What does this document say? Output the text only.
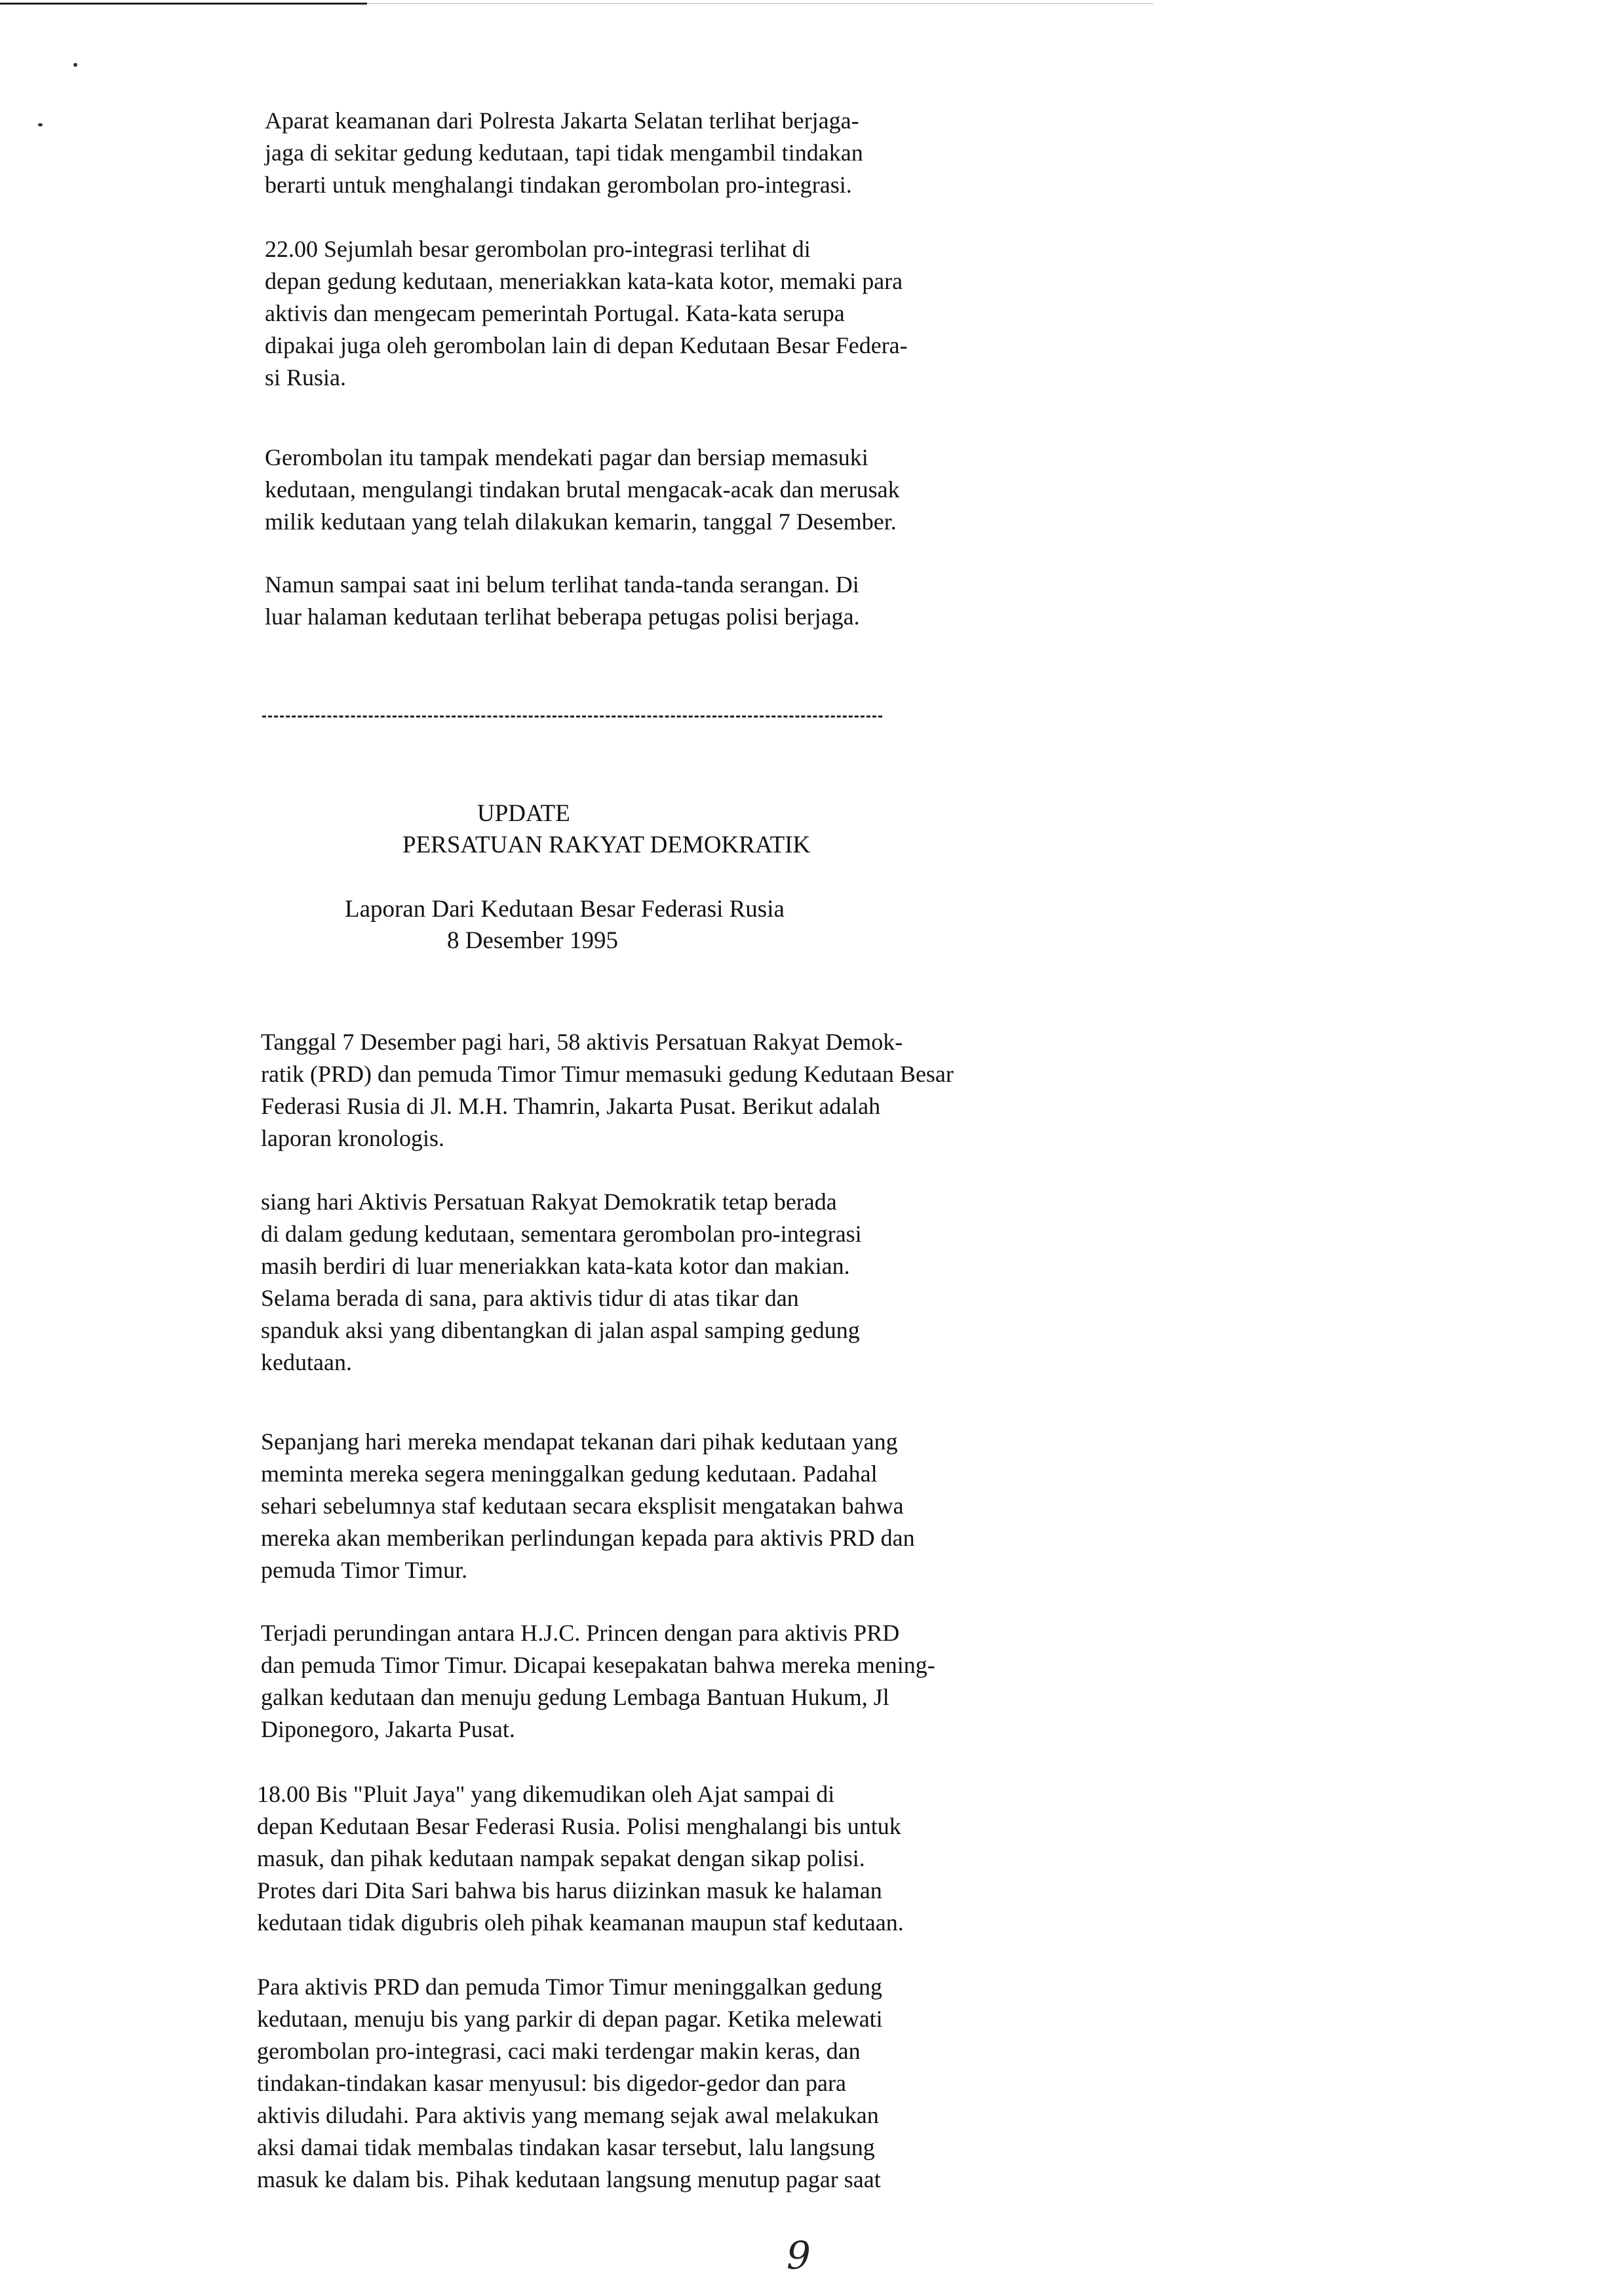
Aparat keamanan dari Polresta Jakarta Selatan terlihat berjaga-
jaga di sekitar gedung kedutaan, tapi tidak mengambil tindakan
berarti untuk menghalangi tindakan gerombolan pro-integrasi.

22.00 Sejumlah besar gerombolan pro-integrasi terlihat di
depan gedung kedutaan, meneriakkan kata-kata kotor, memaki para
aktivis dan mengecam pemerintah Portugal. Kata-kata serupa
dipakai juga oleh gerombolan lain di depan Kedutaan Besar Federa-
si Rusia.

Gerombolan itu tampak mendekati pagar dan bersiap memasuki
kedutaan, mengulangi tindakan brutal mengacak-acak dan merusak
milik kedutaan yang telah dilakukan kemarin, tanggal 7 Desember.

Namun sampai saat ini belum terlihat tanda-tanda serangan. Di
luar halaman kedutaan terlihat beberapa petugas polisi berjaga.

UPDATE
PERSATUAN RAKYAT DEMOKRATIK
Laporan Dari Kedutaan Besar Federasi Rusia
8 Desember 1995

Tanggal 7 Desember pagi hari, 58 aktivis Persatuan Rakyat Demok-
ratik (PRD) dan pemuda Timor Timur memasuki gedung Kedutaan Besar
Federasi Rusia di Jl. M.H. Thamrin, Jakarta Pusat. Berikut adalah
laporan kronologis.

siang hari Aktivis Persatuan Rakyat Demokratik tetap berada
di dalam gedung kedutaan, sementara gerombolan pro-integrasi
masih berdiri di luar meneriakkan kata-kata kotor dan makian.
Selama berada di sana, para aktivis tidur di atas tikar dan
spanduk aksi yang dibentangkan di jalan aspal samping gedung
kedutaan.

Sepanjang hari mereka mendapat tekanan dari pihak kedutaan yang
meminta mereka segera meninggalkan gedung kedutaan. Padahal
sehari sebelumnya staf kedutaan secara eksplisit mengatakan bahwa
mereka akan memberikan perlindungan kepada para aktivis PRD dan
pemuda Timor Timur.

Terjadi perundingan antara H.J.C. Princen dengan para aktivis PRD
dan pemuda Timor Timur. Dicapai kesepakatan bahwa mereka mening-
galkan kedutaan dan menuju gedung Lembaga Bantuan Hukum, Jl
Diponegoro, Jakarta Pusat.

18.00 Bis "Pluit Jaya" yang dikemudikan oleh Ajat sampai di
depan Kedutaan Besar Federasi Rusia. Polisi menghalangi bis untuk
masuk, dan pihak kedutaan nampak sepakat dengan sikap polisi.
Protes dari Dita Sari bahwa bis harus diizinkan masuk ke halaman
kedutaan tidak digubris oleh pihak keamanan maupun staf kedutaan.

Para aktivis PRD dan pemuda Timor Timur meninggalkan gedung
kedutaan, menuju bis yang parkir di depan pagar. Ketika melewati
gerombolan pro-integrasi, caci maki terdengar makin keras, dan
tindakan-tindakan kasar menyusul: bis digedor-gedor dan para
aktivis diludahi. Para aktivis yang memang sejak awal melakukan
aksi damai tidak membalas tindakan kasar tersebut, lalu langsung
masuk ke dalam bis. Pihak kedutaan langsung menutup pagar saat

9
